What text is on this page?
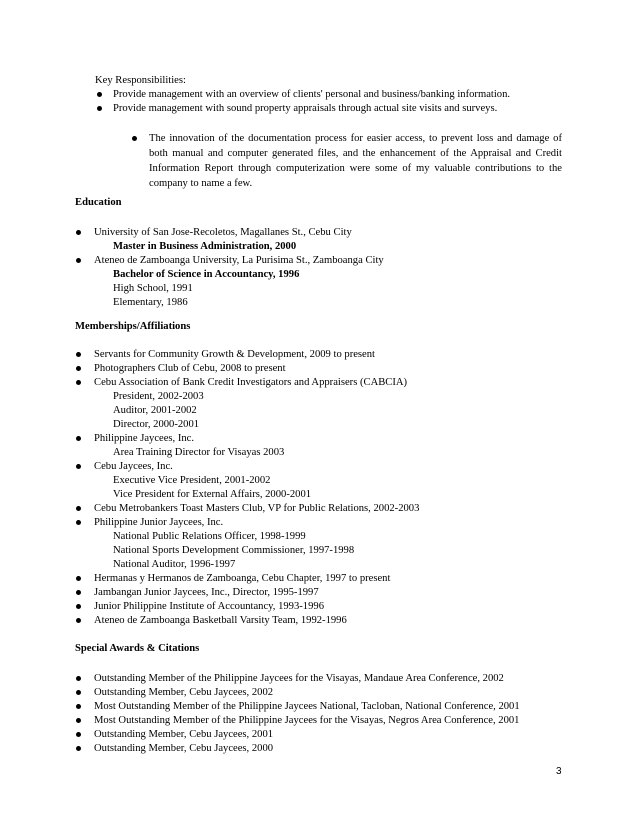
Key Responsibilities:
Provide management with an overview of clients' personal and business/banking information.
Provide management with sound property appraisals through actual site visits and surveys.
The innovation of the documentation process for easier access, to prevent loss and damage of both manual and computer generated files, and the enhancement of the Appraisal and Credit Information Report through computerization were some of my valuable contributions to the company to name a few.
Education
University of San Jose-Recoletos, Magallanes St., Cebu City
Master in Business Administration, 2000
Ateneo de Zamboanga University, La Purisima St., Zamboanga City
Bachelor of Science in Accountancy, 1996
High School, 1991
Elementary, 1986
Memberships/Affiliations
Servants for Community Growth & Development, 2009 to present
Photographers Club of Cebu, 2008 to present
Cebu Association of Bank Credit Investigators and Appraisers (CABCIA)
President, 2002-2003
Auditor, 2001-2002
Director, 2000-2001
Philippine Jaycees, Inc.
Area Training Director for Visayas 2003
Cebu Jaycees, Inc.
Executive Vice President, 2001-2002
Vice President for External Affairs, 2000-2001
Cebu Metrobankers Toast Masters Club, VP for Public Relations, 2002-2003
Philippine Junior Jaycees, Inc.
National Public Relations Officer, 1998-1999
National Sports Development Commissioner, 1997-1998
National Auditor, 1996-1997
Hermanas y Hermanos de Zamboanga, Cebu Chapter, 1997 to present
Jambangan Junior Jaycees, Inc., Director, 1995-1997
Junior Philippine Institute of Accountancy, 1993-1996
Ateneo de Zamboanga Basketball Varsity Team, 1992-1996
Special Awards & Citations
Outstanding Member of the Philippine Jaycees for the Visayas, Mandaue Area Conference, 2002
Outstanding Member, Cebu Jaycees, 2002
Most Outstanding Member of the Philippine Jaycees National, Tacloban, National Conference, 2001
Most Outstanding Member of the Philippine Jaycees for the Visayas, Negros Area Conference, 2001
Outstanding Member, Cebu Jaycees, 2001
Outstanding Member, Cebu Jaycees, 2000
3
